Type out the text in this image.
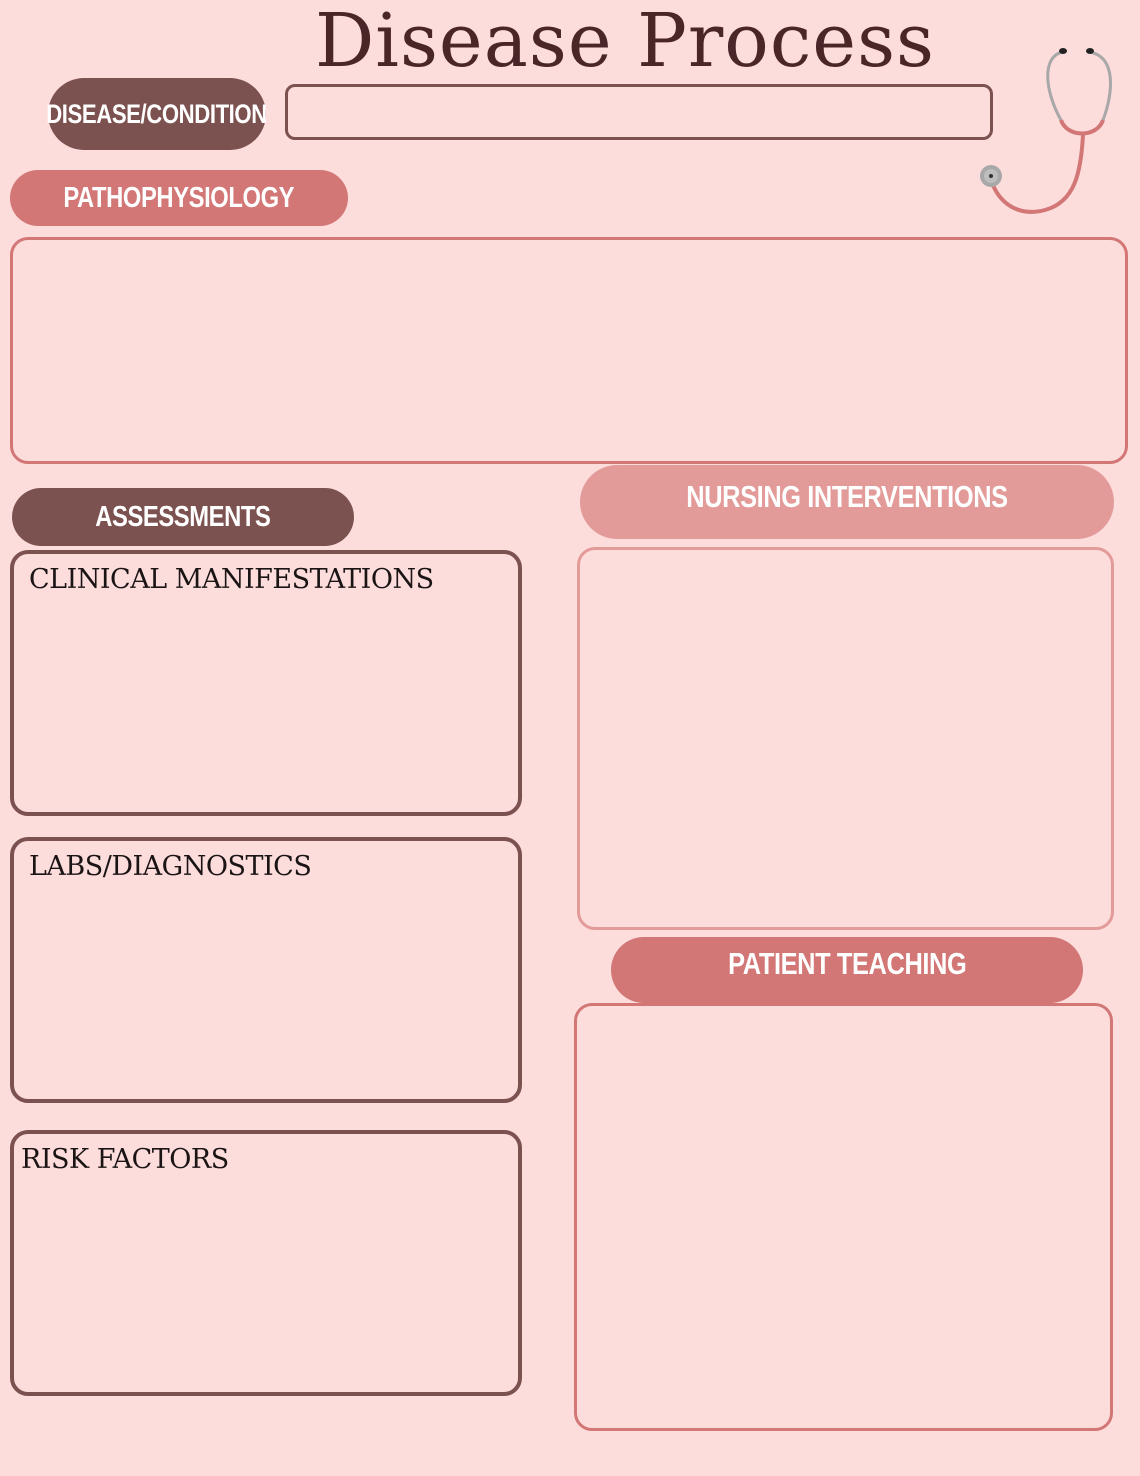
Disease Process
DISEASE/CONDITION
PATHOPHYSIOLOGY
ASSESSMENTS
CLINICAL MANIFESTATIONS
LABS/DIAGNOSTICS
RISK FACTORS
NURSING INTERVENTIONS
PATIENT TEACHING
